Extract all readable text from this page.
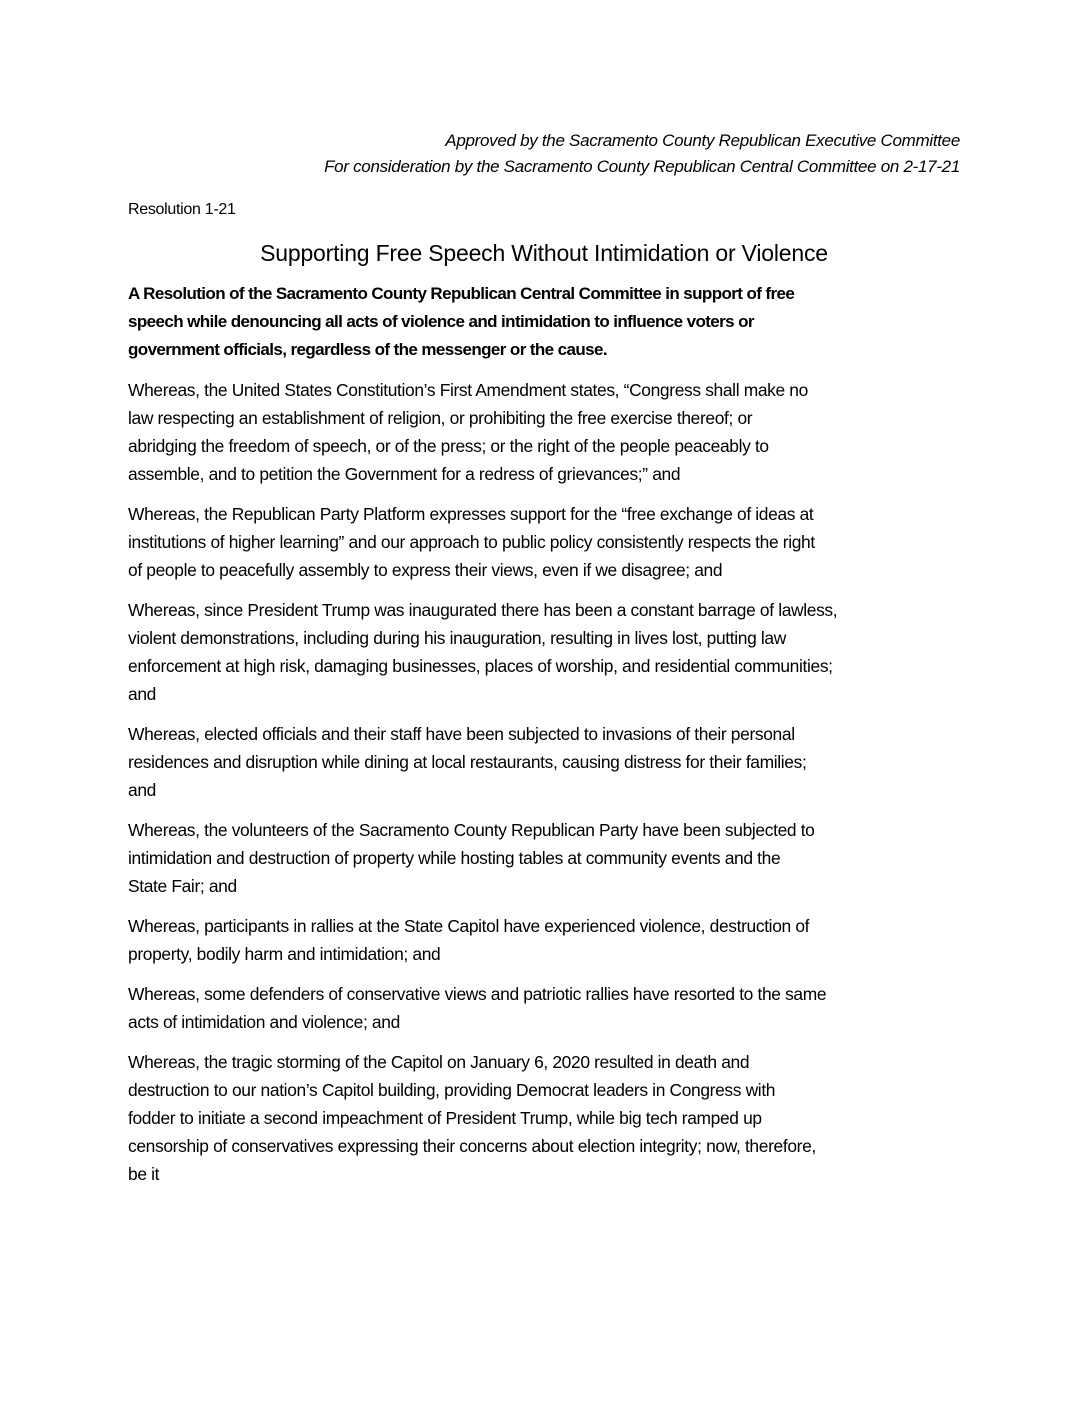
Approved by the Sacramento County Republican Executive Committee
For consideration by the Sacramento County Republican Central Committee on 2-17-21
Resolution 1-21
Supporting Free Speech Without Intimidation or Violence
A Resolution of the Sacramento County Republican Central Committee in support of free
speech while denouncing all acts of violence and intimidation to influence voters or
government officials, regardless of the messenger or the cause.
Whereas, the United States Constitution’s First Amendment states, “Congress shall make no
law respecting an establishment of religion, or prohibiting the free exercise thereof; or
abridging the freedom of speech, or of the press; or the right of the people peaceably to
assemble, and to petition the Government for a redress of grievances;” and
Whereas, the Republican Party Platform expresses support for the “free exchange of ideas at
institutions of higher learning” and our approach to public policy consistently respects the right
of people to peacefully assembly to express their views, even if we disagree; and
Whereas, since President Trump was inaugurated there has been a constant barrage of lawless,
violent demonstrations, including during his inauguration, resulting in lives lost, putting law
enforcement at high risk, damaging businesses, places of worship, and residential communities;
and
Whereas, elected officials and their staff have been subjected to invasions of their personal
residences and disruption while dining at local restaurants, causing distress for their families;
and
Whereas, the volunteers of the Sacramento County Republican Party have been subjected to
intimidation and destruction of property while hosting tables at community events and the
State Fair; and
Whereas, participants in rallies at the State Capitol have experienced violence, destruction of
property, bodily harm and intimidation; and
Whereas, some defenders of conservative views and patriotic rallies have resorted to the same
acts of intimidation and violence; and
Whereas, the tragic storming of the Capitol on January 6, 2020 resulted in death and
destruction to our nation’s Capitol building, providing Democrat leaders in Congress with
fodder to initiate a second impeachment of President Trump, while big tech ramped up
censorship of conservatives expressing their concerns about election integrity; now, therefore,
be it
